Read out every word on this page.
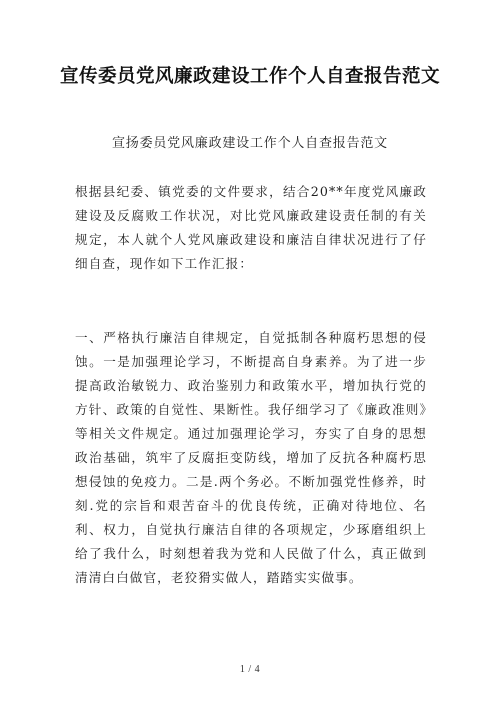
宣传委员党风廉政建设工作个人自查报告范文
宣扬委员党风廉政建设工作个人自查报告范文

根据县纪委、镇党委的文件要求，结合20**年度党风廉政建设及反腐败工作状况，对比党风廉政建设责任制的有关规定，本人就个人党风廉政建设和廉洁自律状况进行了仔细自查，现作如下工作汇报：

一、严格执行廉洁自律规定，自觉抵制各种腐朽思想的侵蚀。一是加强理论学习，不断提高自身素养。为了进一步提高政治敏锐力、政治鉴别力和政策水平，增加执行党的方针、政策的自觉性、果断性。我仔细学习了《廉政准则》等相关文件规定。通过加强理论学习，夯实了自身的思想政治基础，筑牢了反腐拒变防线，增加了反抗各种腐朽思想侵蚀的免疫力。二是.两个务必。不断加强党性修养，时刻.党的宗旨和艰苦奋斗的优良传统，正确对待地位、名利、权力，自觉执行廉洁自律的各项规定，少琢磨组织上给了我什么，时刻想着我为党和人民做了什么，真正做到清清白白做官，老狡猾实做人，踏踏实实做事。

1 / 4
